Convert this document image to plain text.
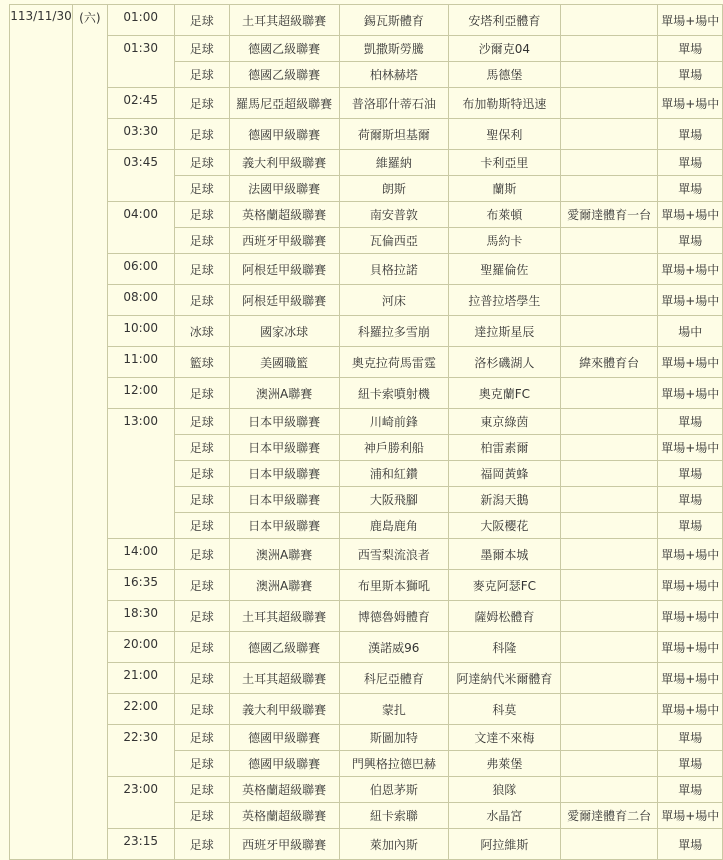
113/11/30	(六)	01:00	足球	土耳其超級聯賽	錫瓦斯體育	安塔利亞體育		單場+場中
		01:30	足球	德國乙級聯賽	凱撒斯勞騰	沙爾克04		單場
			足球	德國乙級聯賽	柏林赫塔	馬德堡		單場
		02:45	足球	羅馬尼亞超級聯賽	普洛耶什蒂石油	布加勒斯特迅速		單場+場中
		03:30	足球	德國甲級聯賽	荷爾斯坦基爾	聖保利		單場
		03:45	足球	義大利甲級聯賽	維羅納	卡利亞里		單場
			足球	法國甲級聯賽	朗斯	蘭斯		單場
		04:00	足球	英格蘭超級聯賽	南安普敦	布萊頓	愛爾達體育一台	單場+場中
			足球	西班牙甲級聯賽	瓦倫西亞	馬約卡		單場
		06:00	足球	阿根廷甲級聯賽	貝格拉諾	聖羅倫佐		單場+場中
		08:00	足球	阿根廷甲級聯賽	河床	拉普拉塔學生		單場+場中
		10:00	冰球	國家冰球	科羅拉多雪崩	達拉斯星辰		場中
		11:00	籃球	美國職籃	奧克拉荷馬雷霆	洛杉磯湖人	緯來體育台	單場+場中
		12:00	足球	澳洲A聯賽	紐卡索噴射機	奧克蘭FC		單場+場中
		13:00	足球	日本甲級聯賽	川崎前鋒	東京綠茵		單場
			足球	日本甲級聯賽	神戶勝利船	柏雷素爾		單場+場中
			足球	日本甲級聯賽	浦和紅鑽	福岡黃蜂		單場
			足球	日本甲級聯賽	大阪飛腳	新潟天鵝		單場
			足球	日本甲級聯賽	鹿島鹿角	大阪櫻花		單場
		14:00	足球	澳洲A聯賽	西雪梨流浪者	墨爾本城		單場+場中
		16:35	足球	澳洲A聯賽	布里斯本獅吼	麥克阿瑟FC		單場+場中
		18:30	足球	土耳其超級聯賽	博德魯姆體育	薩姆松體育		單場+場中
		20:00	足球	德國乙級聯賽	漢諾威96	科隆		單場+場中
		21:00	足球	土耳其超級聯賽	科尼亞體育	阿達納代米爾體育		單場+場中
		22:00	足球	義大利甲級聯賽	蒙扎	科莫		單場+場中
		22:30	足球	德國甲級聯賽	斯圖加特	文達不來梅		單場
			足球	德國甲級聯賽	門興格拉德巴赫	弗萊堡		單場
		23:00	足球	英格蘭超級聯賽	伯恩茅斯	狼隊		單場
			足球	英格蘭超級聯賽	紐卡索聯	水晶宮	愛爾達體育二台	單場+場中
		23:15	足球	西班牙甲級聯賽	萊加內斯	阿拉維斯		單場
